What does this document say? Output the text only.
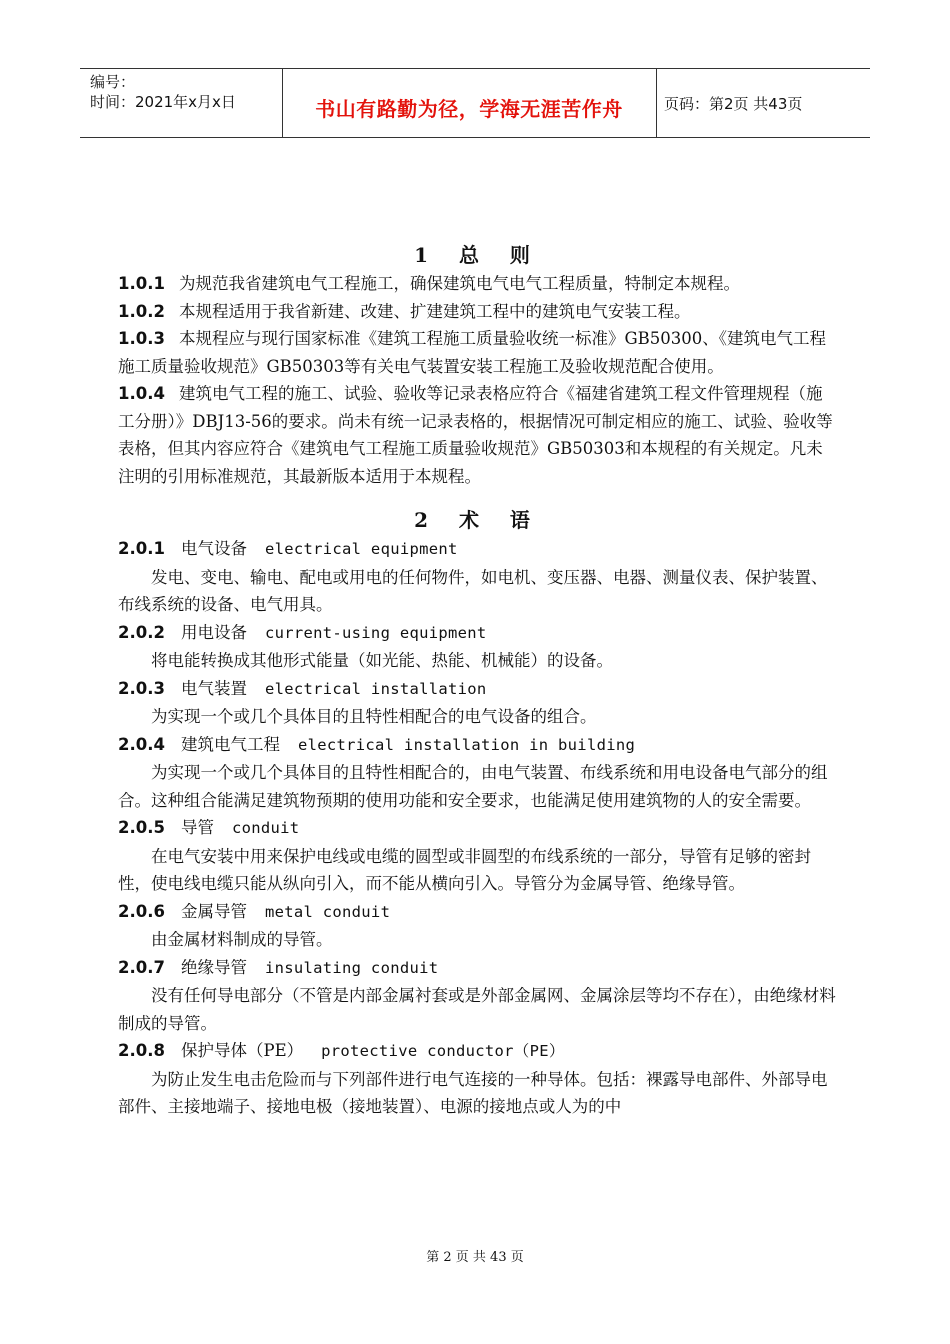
编号：
时间：2021年x月x日	书山有路勤为径，学海无涯苦作舟	页码：第2页 共43页
1 总 则

1.0.1 为规范我省建筑电气工程施工，确保建筑电气电气工程质量，特制定本规程。

1.0.2 本规程适用于我省新建、改建、扩建建筑工程中的建筑电气安装工程。

1.0.3 本规程应与现行国家标准《建筑工程施工质量验收统一标准》GB50300、《建筑电气工程施工质量验收规范》GB50303等有关电气装置安装工程施工及验收规范配合使用。

1.0.4 建筑电气工程的施工、试验、验收等记录表格应符合《福建省建筑工程文件管理规程（施工分册）》DBJ13-56的要求。尚未有统一记录表格的，根据情况可制定相应的施工、试验、验收等表格，但其内容应符合《建筑电气工程施工质量验收规范》GB50303和本规程的有关规定。凡未注明的引用标准规范，其最新版本适用于本规程。

2 术 语

2.0.1 电气设备 electrical equipment

发电、变电、输电、配电或用电的任何物件，如电机、变压器、电器、测量仪表、保护装置、布线系统的设备、电气用具。

2.0.2 用电设备 current-using equipment

将电能转换成其他形式能量（如光能、热能、机械能）的设备。

2.0.3 电气装置 electrical installation

为实现一个或几个具体目的且特性相配合的电气设备的组合。

2.0.4 建筑电气工程 electrical installation in building

为实现一个或几个具体目的且特性相配合的，由电气装置、布线系统和用电设备电气部分的组合。这种组合能满足建筑物预期的使用功能和安全要求，也能满足使用建筑物的人的安全需要。

2.0.5 导管 conduit

在电气安装中用来保护电线或电缆的圆型或非圆型的布线系统的一部分，导管有足够的密封性，使电线电缆只能从纵向引入，而不能从横向引入。导管分为金属导管、绝缘导管。

2.0.6 金属导管 metal conduit

由金属材料制成的导管。

2.0.7 绝缘导管 insulating conduit

没有任何导电部分（不管是内部金属衬套或是外部金属网、金属涂层等均不存在），由绝缘材料制成的导管。

2.0.8 保护导体（PE） protective conductor（PE）

为防止发生电击危险而与下列部件进行电气连接的一种导体。包括：裸露导电部件、外部导电部件、主接地端子、接地电极（接地装置）、电源的接地点或人为的中

第 2 页 共 43 页
